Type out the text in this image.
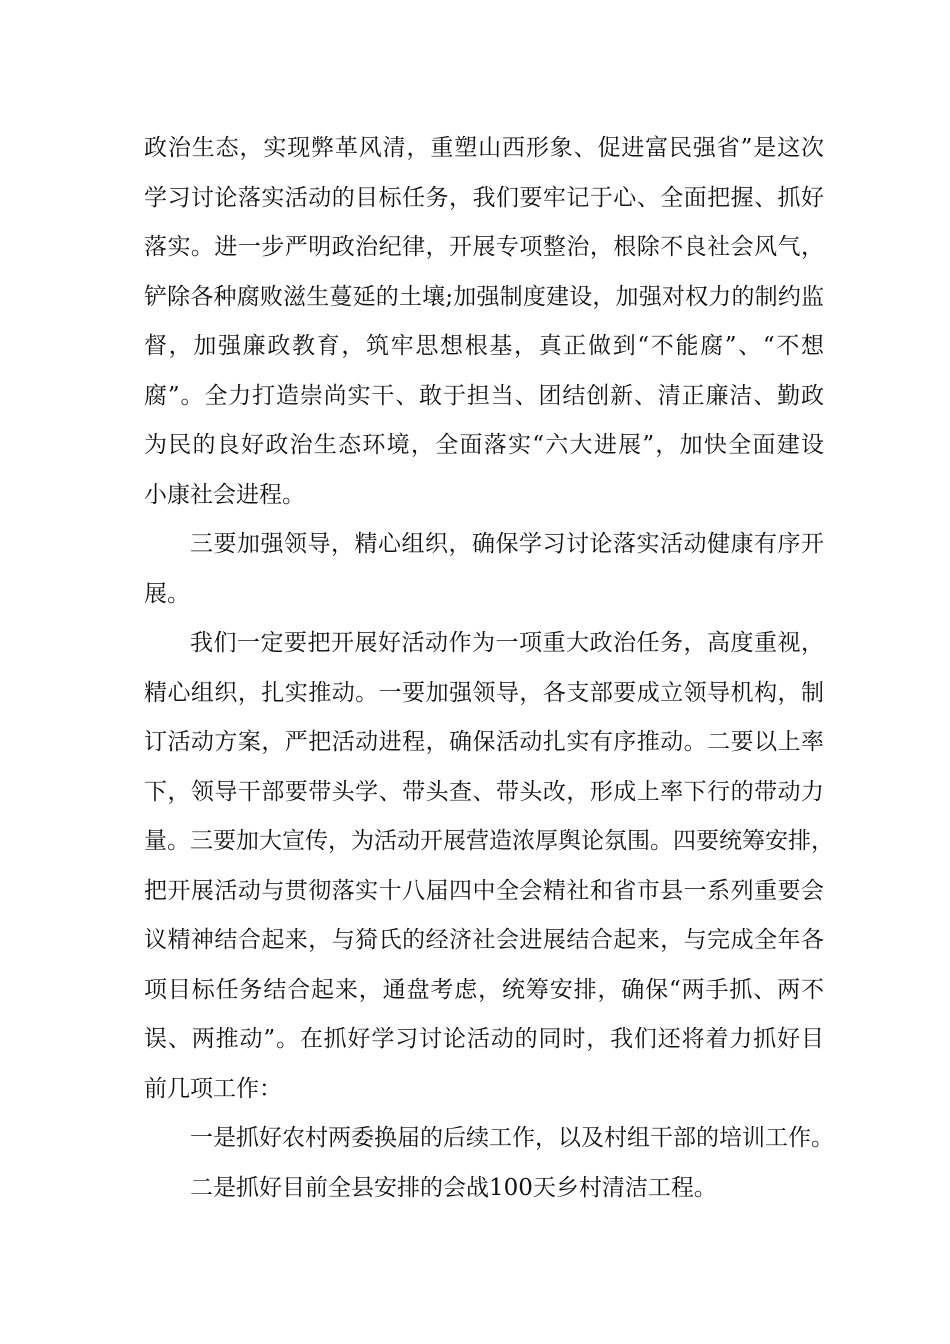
政治生态，实现弊革风清，重塑山西形象、促进富民强省”是这次
学习讨论落实活动的目标任务，我们要牢记于心、全面把握、抓好
落实。进一步严明政治纪律，开展专项整治，根除不良社会风气，
铲除各种腐败滋生蔓延的土壤;加强制度建设，加强对权力的制约监
督，加强廉政教育，筑牢思想根基，真正做到“不能腐”、“不想
腐”。全力打造崇尚实干、敢于担当、团结创新、清正廉洁、勤政
为民的良好政治生态环境，全面落实“六大进展”，加快全面建设
小康社会进程。
三要加强领导，精心组织，确保学习讨论落实活动健康有序开
展。
我们一定要把开展好活动作为一项重大政治任务，高度重视，
精心组织，扎实推动。一要加强领导，各支部要成立领导机构，制
订活动方案，严把活动进程，确保活动扎实有序推动。二要以上率
下，领导干部要带头学、带头查、带头改，形成上率下行的带动力
量。三要加大宣传，为活动开展营造浓厚舆论氛围。四要统筹安排，
把开展活动与贯彻落实十八届四中全会精社和省市县一系列重要会
议精神结合起来，与猗氏的经济社会进展结合起来，与完成全年各
项目标任务结合起来，通盘考虑，统筹安排，确保“两手抓、两不
误、两推动”。在抓好学习讨论活动的同时，我们还将着力抓好目
前几项工作：
一是抓好农村两委换届的后续工作，以及村组干部的培训工作。
二是抓好目前全县安排的会战100天乡村清洁工程。
